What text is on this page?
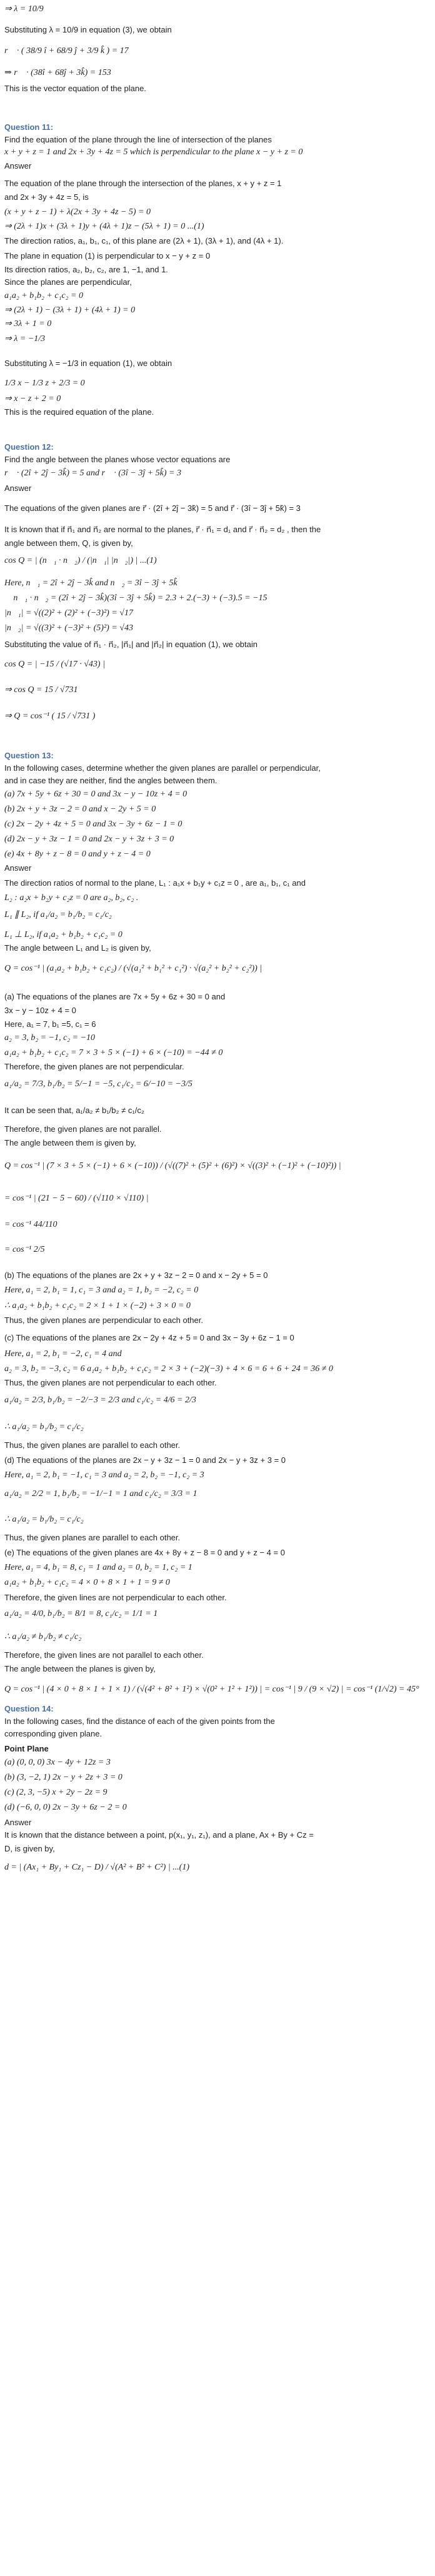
⇒ λ = 10/9
Substituting λ = 10/9 in equation (3), we obtain
r⃗ · ( 38/9 î + 68/9 ĵ + 3/9 k̂ ) = 17
⇒ r⃗ · (38î + 68ĵ + 3k̂) = 153
This is the vector equation of the plane.
Question 11:
Find the equation of the plane through the line of intersection of the planes
x + y + z = 1 and 2x + 3y + 4z = 5 which is perpendicular to the plane x − y + z = 0
Answer
The equation of the plane through the intersection of the planes, x + y + z = 1
and 2x + 3y + 4z = 5, is
(x + y + z − 1) + λ(2x + 3y + 4z − 5) = 0
⇒ (2λ + 1)x + (3λ + 1)y + (4λ + 1)z − (5λ + 1) = 0 ...(1)
The direction ratios, a₁, b₁, c₁, of this plane are (2λ + 1), (3λ + 1), and (4λ + 1).
The plane in equation (1) is perpendicular to x − y + z = 0
Its direction ratios, a₂, b₂, c₂, are 1, −1, and 1.
Since the planes are perpendicular,
a₁a₂ + b₁b₂ + c₁c₂ = 0
⇒ (2λ + 1) − (3λ + 1) + (4λ + 1) = 0
⇒ 3λ + 1 = 0
⇒ λ = −1/3
Substituting λ = −1/3 in equation (1), we obtain
1/3 x − 1/3 z + 2/3 = 0
⇒ x − z + 2 = 0
This is the required equation of the plane.
Question 12:
Find the angle between the planes whose vector equations are
r⃗ · (2î + 2ĵ − 3k̂) = 5 and r⃗ · (3î − 3ĵ + 5k̂) = 3
Answer
The equations of the given planes are r⃗ · (2î + 2ĵ − 3k̂) = 5 and r⃗ · (3î − 3ĵ + 5k̂) = 3
It is known that if n⃗₁ and n⃗₂ are normal to the planes, r⃗ · n⃗₁ = d₁ and r⃗ · n⃗₂ = d₂ , then the
angle between them, Q, is given by,
cos Q = | (n⃗₁ · n⃗₂) / (|n⃗₁| |n⃗₂|) | ...(1)
Here, n⃗₁ = 2î + 2ĵ − 3k̂ and n⃗₂ = 3î − 3ĵ + 5k̂
∴ n⃗₁ · n⃗₂ = (2î + 2ĵ − 3k̂)(3î − 3ĵ + 5k̂) = 2.3 + 2.(−3) + (−3).5 = −15
|n⃗₁| = √((2)² + (2)² + (−3)²) = √17
|n⃗₂| = √((3)² + (−3)² + (5)²) = √43
Substituting the value of n⃗₁ · n⃗₂, |n⃗₁| and |n⃗₂| in equation (1), we obtain
cos Q = | −15 / (√17 · √43) |
⇒ cos Q = 15 / √731
⇒ Q = cos⁻¹ ( 15 / √731 )
Question 13:
In the following cases, determine whether the given planes are parallel or perpendicular,
and in case they are neither, find the angles between them.
(a) 7x + 5y + 6z + 30 = 0 and 3x − y − 10z + 4 = 0
(b) 2x + y + 3z − 2 = 0 and x − 2y + 5 = 0
(c) 2x − 2y + 4z + 5 = 0 and 3x − 3y + 6z − 1 = 0
(d) 2x − y + 3z − 1 = 0 and 2x − y + 3z + 3 = 0
(e) 4x + 8y + z − 8 = 0 and y + z − 4 = 0
Answer
The direction ratios of normal to the plane, L₁ : a₁x + b₁y + c₁z = 0 , are a₁, b₁, c₁ and
L₂ : a₂x + b₂y + c₂z = 0 are a₂, b₂, c₂ .
L₁ ∥ L₂, if a₁/a₂ = b₁/b₂ = c₁/c₂
L₁ ⊥ L₂, if a₁a₂ + b₁b₂ + c₁c₂ = 0
The angle between L₁ and L₂ is given by,
Q = cos⁻¹ | (a₁a₂ + b₁b₂ + c₁c₂) / (√(a₁² + b₁² + c₁²) · √(a₂² + b₂² + c₂²)) |
(a) The equations of the planes are 7x + 5y + 6z + 30 = 0 and
3x − y − 10z + 4 = 0
Here, a₁ = 7, b₁ =5, c₁ = 6
a₂ = 3, b₂ = −1, c₂ = −10
a₁a₂ + b₁b₂ + c₁c₂ = 7 × 3 + 5 × (−1) + 6 × (−10) = −44 ≠ 0
Therefore, the given planes are not perpendicular.
a₁/a₂ = 7/3, b₁/b₂ = 5/−1 = −5, c₁/c₂ = 6/−10 = −3/5
It can be seen that, a₁/a₂ ≠ b₁/b₂ ≠ c₁/c₂
Therefore, the given planes are not parallel.
The angle between them is given by,
Q = cos⁻¹ | (7 × 3 + 5 × (−1) + 6 × (−10)) / (√((7)² + (5)² + (6)²) × √((3)² + (−1)² + (−10)²)) |
= cos⁻¹ | (21 − 5 − 60) / (√110 × √110) |
= cos⁻¹ 44/110
= cos⁻¹ 2/5
(b) The equations of the planes are 2x + y + 3z − 2 = 0 and x − 2y + 5 = 0
Here, a₁ = 2, b₁ = 1, c₁ = 3 and a₂ = 1, b₂ = −2, c₂ = 0
∴ a₁a₂ + b₁b₂ + c₁c₂ = 2 × 1 + 1 × (−2) + 3 × 0 = 0
Thus, the given planes are perpendicular to each other.
(c) The equations of the planes are 2x − 2y + 4z + 5 = 0 and 3x − 3y + 6z − 1 = 0
Here, a₁ = 2, b₁ = −2, c₁ = 4 and
a₂ = 3, b₂ = −3, c₂ = 6 a₁a₂ + b₁b₂ + c₁c₂ = 2 × 3 + (−2)(−3) + 4 × 6 = 6 + 6 + 24 = 36 ≠ 0
Thus, the given planes are not perpendicular to each other.
a₁/a₂ = 2/3, b₁/b₂ = −2/−3 = 2/3 and c₁/c₂ = 4/6 = 2/3
∴ a₁/a₂ = b₁/b₂ = c₁/c₂
Thus, the given planes are parallel to each other.
(d) The equations of the planes are 2x − y + 3z − 1 = 0 and 2x − y + 3z + 3 = 0
Here, a₁ = 2, b₁ = −1, c₁ = 3 and a₂ = 2, b₂ = −1, c₂ = 3
a₁/a₂ = 2/2 = 1, b₁/b₂ = −1/−1 = 1 and c₁/c₂ = 3/3 = 1
∴ a₁/a₂ = b₁/b₂ = c₁/c₂
Thus, the given planes are parallel to each other.
(e) The equations of the given planes are 4x + 8y + z − 8 = 0 and y + z − 4 = 0
Here, a₁ = 4, b₁ = 8, c₁ = 1 and a₂ = 0, b₂ = 1, c₂ = 1
a₁a₂ + b₁b₂ + c₁c₂ = 4 × 0 + 8 × 1 + 1 = 9 ≠ 0
Therefore, the given lines are not perpendicular to each other.
a₁/a₂ = 4/0, b₁/b₂ = 8/1 = 8, c₁/c₂ = 1/1 = 1
∴ a₁/a₂ ≠ b₁/b₂ ≠ c₁/c₂
Therefore, the given lines are not parallel to each other.
The angle between the planes is given by,
Q = cos⁻¹ | (4 × 0 + 8 × 1 + 1 × 1) / (√(4² + 8² + 1²) × √(0² + 1² + 1²)) | = cos⁻¹ | 9 / (9 × √2) | = cos⁻¹ (1/√2) = 45°
Question 14:
In the following cases, find the distance of each of the given points from the
corresponding given plane.
Point Plane
(a) (0, 0, 0) 3x − 4y + 12z = 3
(b) (3, −2, 1) 2x − y + 2z + 3 = 0
(c) (2, 3, −5) x + 2y − 2z = 9
(d) (−6, 0, 0) 2x − 3y + 6z − 2 = 0
Answer
It is known that the distance between a point, p(x₁, y₁, z₁), and a plane, Ax + By + Cz =
D, is given by,
d = | (Ax₁ + By₁ + Cz₁ − D) / √(A² + B² + C²) | ...(1)
